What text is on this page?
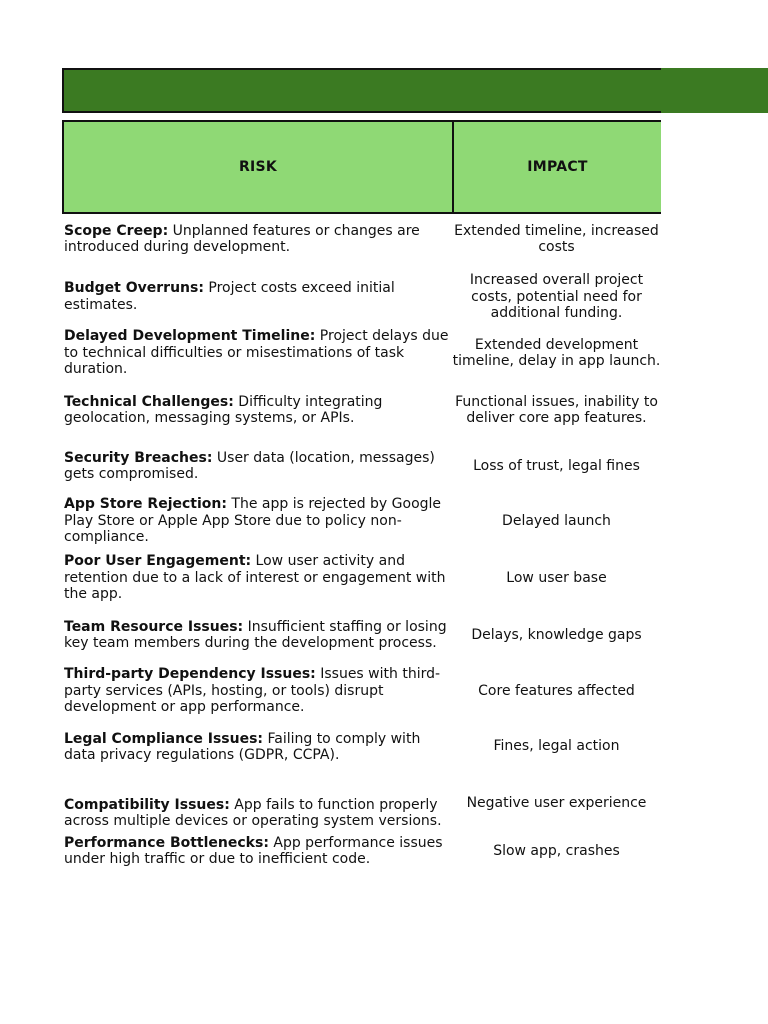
RISK	IMPACT
Scope Creep: Unplanned features or changes are introduced during development.
Extended timeline, increased costs
Budget Overruns: Project costs exceed initial estimates.
Increased overall project costs, potential need for additional funding.
Delayed Development Timeline: Project delays due to technical difficulties or misestimations of task duration.
Extended development timeline, delay in app launch.
Technical Challenges: Difficulty integrating geolocation, messaging systems, or APIs.
Functional issues, inability to deliver core app features.
Security Breaches: User data (location, messages) gets compromised.
Loss of trust, legal fines
App Store Rejection: The app is rejected by Google Play Store or Apple App Store due to policy non-compliance.
Delayed launch
Poor User Engagement: Low user activity and retention due to a lack of interest or engagement with the app.
Low user base
Team Resource Issues: Insufficient staffing or losing key team members during the development process.
Delays, knowledge gaps
Third-party Dependency Issues: Issues with third-party services (APIs, hosting, or tools) disrupt development or app performance.
Core features affected
Legal Compliance Issues: Failing to comply with data privacy regulations (GDPR, CCPA).
Fines, legal action
Compatibility Issues: App fails to function properly across multiple devices or operating system versions.
Negative user experience
Performance Bottlenecks: App performance issues under high traffic or due to inefficient code.
Slow app, crashes
